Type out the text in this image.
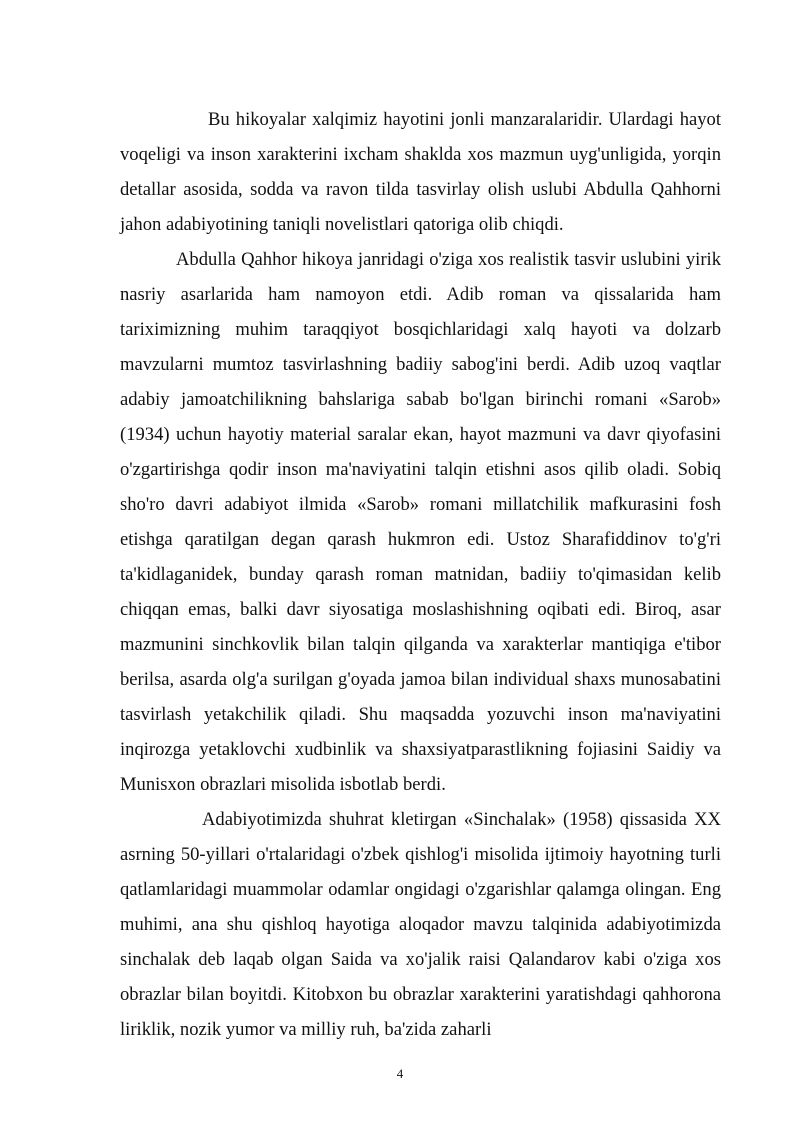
Bu hikoyalar xalqimiz hayotini jonli manzaralaridir. Ulardagi hayot voqeligi va inson xarakterini ixcham shaklda xos mazmun uyg'unligida, yorqin detallar asosida, sodda va ravon tilda tasvirlay olish uslubi Abdulla Qahhorni jahon adabiyotining taniqli novelistlari qatoriga olib chiqdi.

Abdulla Qahhor hikoya janridagi o'ziga xos realistik tasvir uslubini yirik nasriy asarlarida ham namoyon etdi. Adib roman va qissalarida ham tariximizning muhim taraqqiyot bosqichlaridagi xalq hayoti va dolzarb mavzularni mumtoz tasvirlashning badiiy sabog'ini berdi. Adib uzoq vaqtlar adabiy jamoatchilikning bahslariga sabab bo'lgan birinchi romani «Sarob» (1934) uchun hayotiy material saralar ekan, hayot mazmuni va davr qiyofasini o'zgartirishga qodir inson ma'naviyatini talqin etishni asos qilib oladi. Sobiq sho'ro davri adabiyot ilmida «Sarob» romani millatchilik mafkurasini fosh etishga qaratilgan degan qarash hukmron edi. Ustoz Sharafiddinov to'g'ri ta'kidlaganidek, bunday qarash roman matnidan, badiiy to'qimasidan kelib chiqqan emas, balki davr siyosatiga moslashishning oqibati edi. Biroq, asar mazmunini sinchkovlik bilan talqin qilganda va xarakterlar mantiqiga e'tibor berilsa, asarda olg'a surilgan g'oyada jamoa bilan individual shaxs munosabatini tasvirlash yetakchilik qiladi. Shu maqsadda yozuvchi inson ma'naviyatini inqirozga yetaklovchi xudbinlik va shaxsiyatparastlikning fojiasini Saidiy va Munisxon obrazlari misolida isbotlab berdi.

Adabiyotimizda shuhrat kletirgan «Sinchalak» (1958) qissasida XX asrning 50-yillari o'rtalaridagi o'zbek qishlog'i misolida ijtimoiy hayotning turli qatlamlaridagi muammolar odamlar ongidagi o'zgarishlar qalamga olingan. Eng muhimi, ana shu qishloq hayotiga aloqador mavzu talqinida adabiyotimizda sinchalak deb laqab olgan Saida va xo'jalik raisi Qalandarov kabi o'ziga xos obrazlar bilan boyitdi. Kitobxon bu obrazlar xarakterini yaratishdagi qahhorona liriklik, nozik yumor va milliy ruh, ba'zida zaharli

4
